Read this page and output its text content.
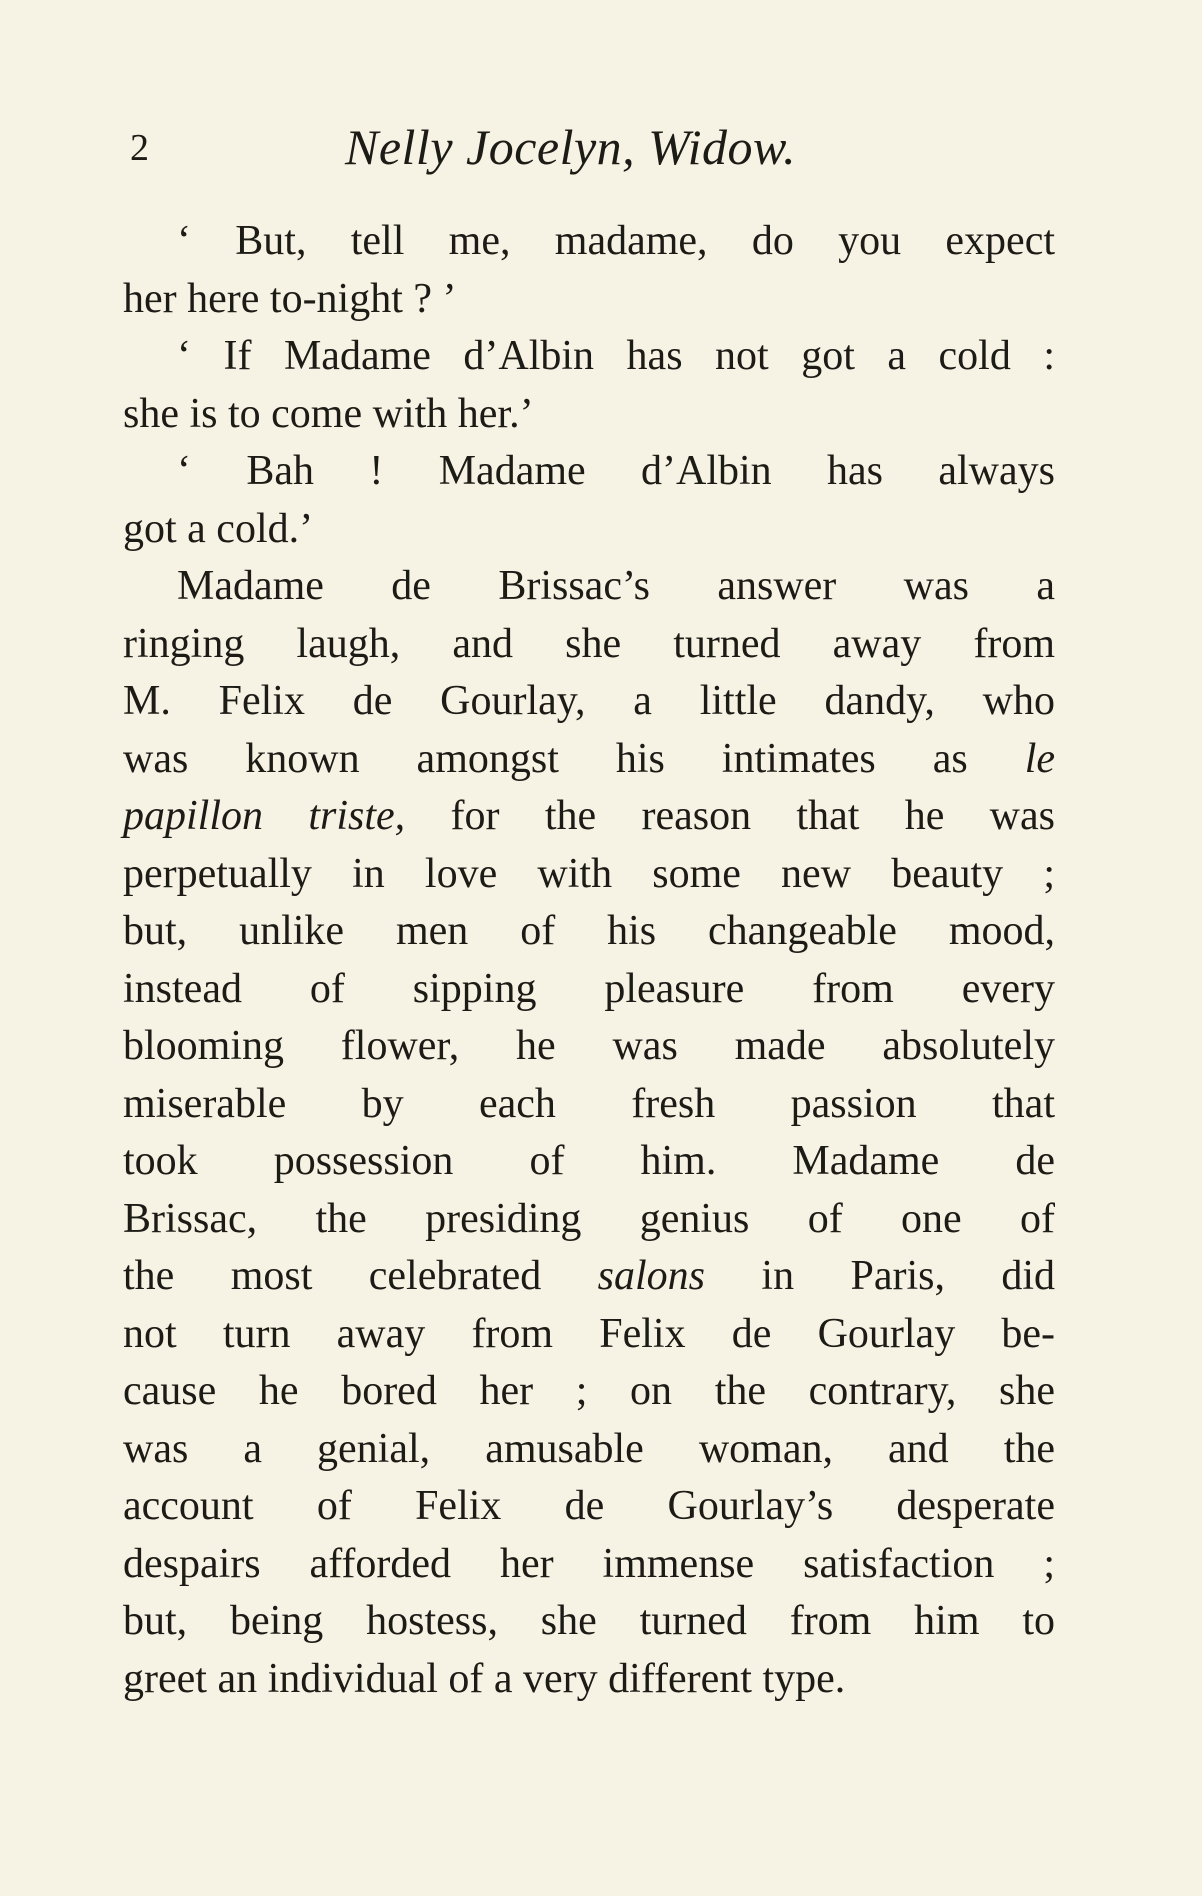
2	Nelly Jocelyn, Widow.
‘ But, tell me, madame, do you expect
her here to-night ? ’
‘ If Madame d’Albin has not got a cold :
she is to come with her.’
‘ Bah ! Madame d’Albin has always
got a cold.’
Madame de Brissac’s answer was a
ringing laugh, and she turned away from
M. Felix de Gourlay, a little dandy, who
was known amongst his intimates as le
papillon triste, for the reason that he was
perpetually in love with some new beauty ;
but, unlike men of his changeable mood,
instead of sipping pleasure from every
blooming flower, he was made absolutely
miserable by each fresh passion that
took possession of him. Madame de
Brissac, the presiding genius of one of
the most celebrated salons in Paris, did
not turn away from Felix de Gourlay be-
cause he bored her ; on the contrary, she
was a genial, amusable woman, and the
account of Felix de Gourlay’s desperate
despairs afforded her immense satisfaction ;
but, being hostess, she turned from him to
greet an individual of a very different type.
